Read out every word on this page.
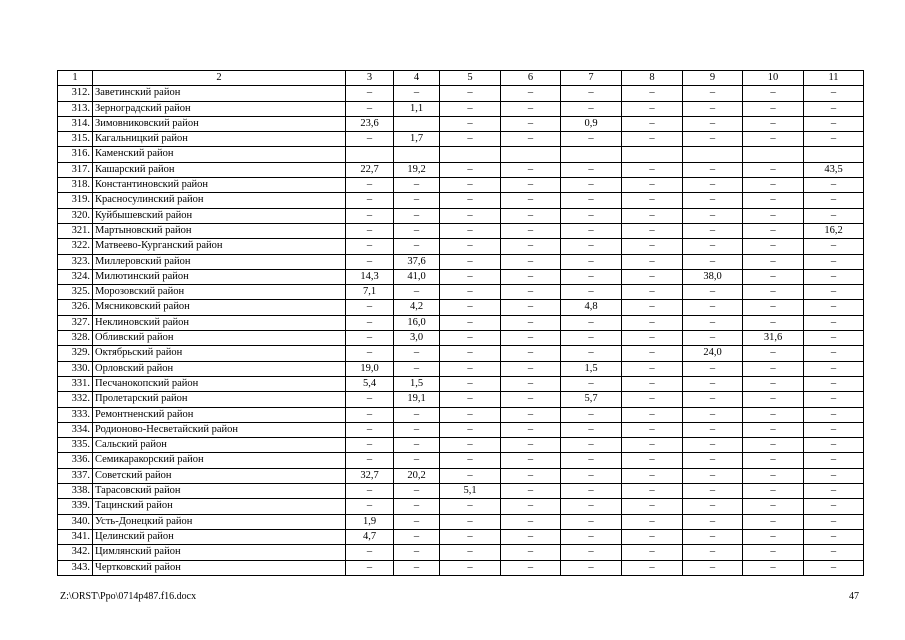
1	2	3	4	5	6	7	8	9	10	11
312.	Заветинский район	–	–	–	–	–	–	–	–	–
313.	Зерноградский район	–	1,1	–	–	–	–	–	–	–
314.	Зимовниковский район	23,6		–	–	0,9	–	–	–	–
315.	Кагальницкий район	–	1,7	–	–	–	–	–	–	–
316.	Каменский район									
317.	Кашарский район	22,7	19,2	–	–	–	–	–	–	43,5
318.	Константиновский район	–	–	–	–	–	–	–	–	–
319.	Красносулинский район	–	–	–	–	–	–	–	–	–
320.	Куйбышевский район	–	–	–	–	–	–	–	–	–
321.	Мартыновский район	–	–	–	–	–	–	–	–	16,2
322.	Матвеево-Курганский район	–	–	–	–	–	–	–	–	–
323.	Миллеровский район	–	37,6	–	–	–	–	–	–	–
324.	Милютинский район	14,3	41,0	–	–	–	–	38,0	–	–
325.	Морозовский район	7,1	–	–	–	–	–	–	–	–
326.	Мясниковский район	–	4,2	–	–	4,8	–	–	–	–
327.	Неклиновский район	–	16,0	–	–	–	–	–	–	–
328.	Обливский район	–	3,0	–	–	–	–	–	31,6	–
329.	Октябрьский район	–	–	–	–	–	–	24,0	–	–
330.	Орловский район	19,0	–	–	–	1,5	–	–	–	–
331.	Песчанокопский район	5,4	1,5	–	–	–	–	–	–	–
332.	Пролетарский район	–	19,1	–	–	5,7	–	–	–	–
333.	Ремонтненский район	–	–	–	–	–	–	–	–	–
334.	Родионово-Несветайский район	–	–	–	–	–	–	–	–	–
335.	Сальский район	–	–	–	–	–	–	–	–	–
336.	Семикаракорский район	–	–	–	–	–	–	–	–	–
337.	Советский район	32,7	20,2	–	–	–	–	–	–	–
338.	Тарасовский район	–	–	5,1	–	–	–	–	–	–
339.	Тацинский район	–	–	–	–	–	–	–	–	–
340.	Усть-Донецкий район	1,9	–	–	–	–	–	–	–	–
341.	Целинский район	4,7	–	–	–	–	–	–	–	–
342.	Цимлянский район	–	–	–	–	–	–	–	–	–
343.	Чертковский район	–	–	–	–	–	–	–	–	–
Z:\ORST\Ppo\0714p487.f16.docx	47
